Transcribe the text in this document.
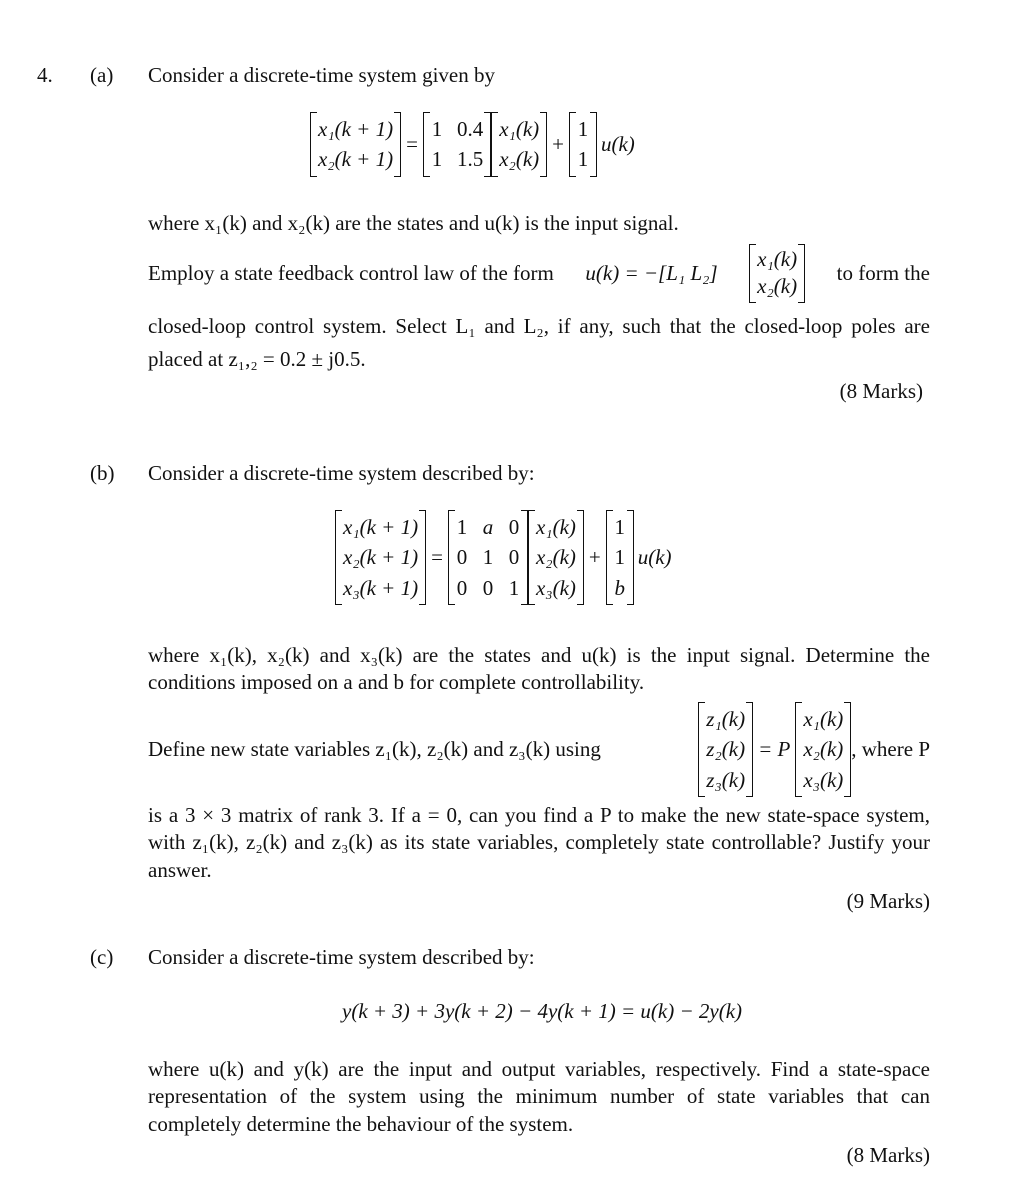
4. (a) Consider a discrete-time system given by
x₁(k + 1)
x₂(k + 1)
=
1 0.4
1 1.5
x₁(k)
x₂(k)
+
1
1
u(k)
where x₁(k) and x₂(k) are the states and u(k) is the input signal.
Employ a state feedback control law of the form u(k) = −[L₁ L₂]
x₁(k)
x₂(k)
to form the
closed-loop control system. Select L₁ and L₂, if any, such that the closed-loop poles are placed at z₁,₂ = 0.2 ± j0.5.
(8 Marks)
(b) Consider a discrete-time system described by:
x₁(k + 1)
x₂(k + 1)
x₃(k + 1)
=
1 a 0
0 1 0
0 0 1
x₁(k)
x₂(k)
x₃(k)
+
1
1
b
u(k)
where x₁(k), x₂(k) and x₃(k) are the states and u(k) is the input signal. Determine the conditions imposed on a and b for complete controllability.
Define new state variables z₁(k), z₂(k) and z₃(k) using
z₁(k)
z₂(k)
z₃(k)
= P
x₁(k)
x₂(k)
x₃(k)
, where P
is a 3 × 3 matrix of rank 3. If a = 0, can you find a P to make the new state-space system, with z₁(k), z₂(k) and z₃(k) as its state variables, completely state controllable? Justify your answer.
(9 Marks)
(c) Consider a discrete-time system described by:
y(k + 3) + 3y(k + 2) − 4y(k + 1) = u(k) − 2y(k)
where u(k) and y(k) are the input and output variables, respectively. Find a state-space representation of the system using the minimum number of state variables that can completely determine the behaviour of the system.
(8 Marks)
